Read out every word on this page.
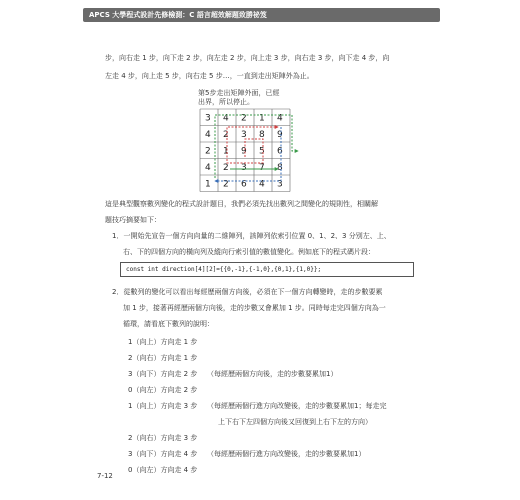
APCS 大學程式設計先修檢測：C 語言超效解題致勝祕笈
步，向右走 1 步，向下走 2 步，向左走 2 步，向上走 3 步，向右走 3 步，向下走 4 步，向
左走 4 步，向上走 5 步，向右走 5 步…，一直到走出矩陣外為止。
第5步走出矩陣外面，已經
出界，所以停止。
3 4 2 1 4
4 2 3 8 9
2 1 9 5 6
4 2 3 7 8
1 2 6 4 3
這是典型觀察數列變化的程式設計題目，我們必須先找出數列之間變化的規則性，相關解
題技巧摘要如下：
1．一開始先宣告一個方向向量的二維陣列，該陣列依索引位置 0、1、2、3 分別左、上、
右、下的四個方向的橫向列及縱向行索引值的數值變化。例如底下的程式碼片段：
const int direction[4][2]={{0,-1},{-1,0},{0,1},{1,0}};
2．從數列的變化可以看出每經歷兩個方向後，必須在下一個方向轉變時，走的步數要累
加 1 步，接著再經歷兩個方向後，走的步數又會累加 1 步。同時每走完四個方向為一
循環，請看底下數列的說明：
1（向上）方向走 1 步
2（向右）方向走 1 步
3（向下）方向走 2 步
0（向左）方向走 2 步
1（向上）方向走 3 步
2（向右）方向走 3 步
3（向下）方向走 4 步
0（向左）方向走 4 步
（每經歷兩個方向後，走的步數要累加1）
（每經歷兩個行進方向改變後，走的步數要累加1；每走完
上下右下左四個方向後又回復到上右下左的方向）
（每經歷兩個行進方向改變後，走的步數要累加1）
7-12
